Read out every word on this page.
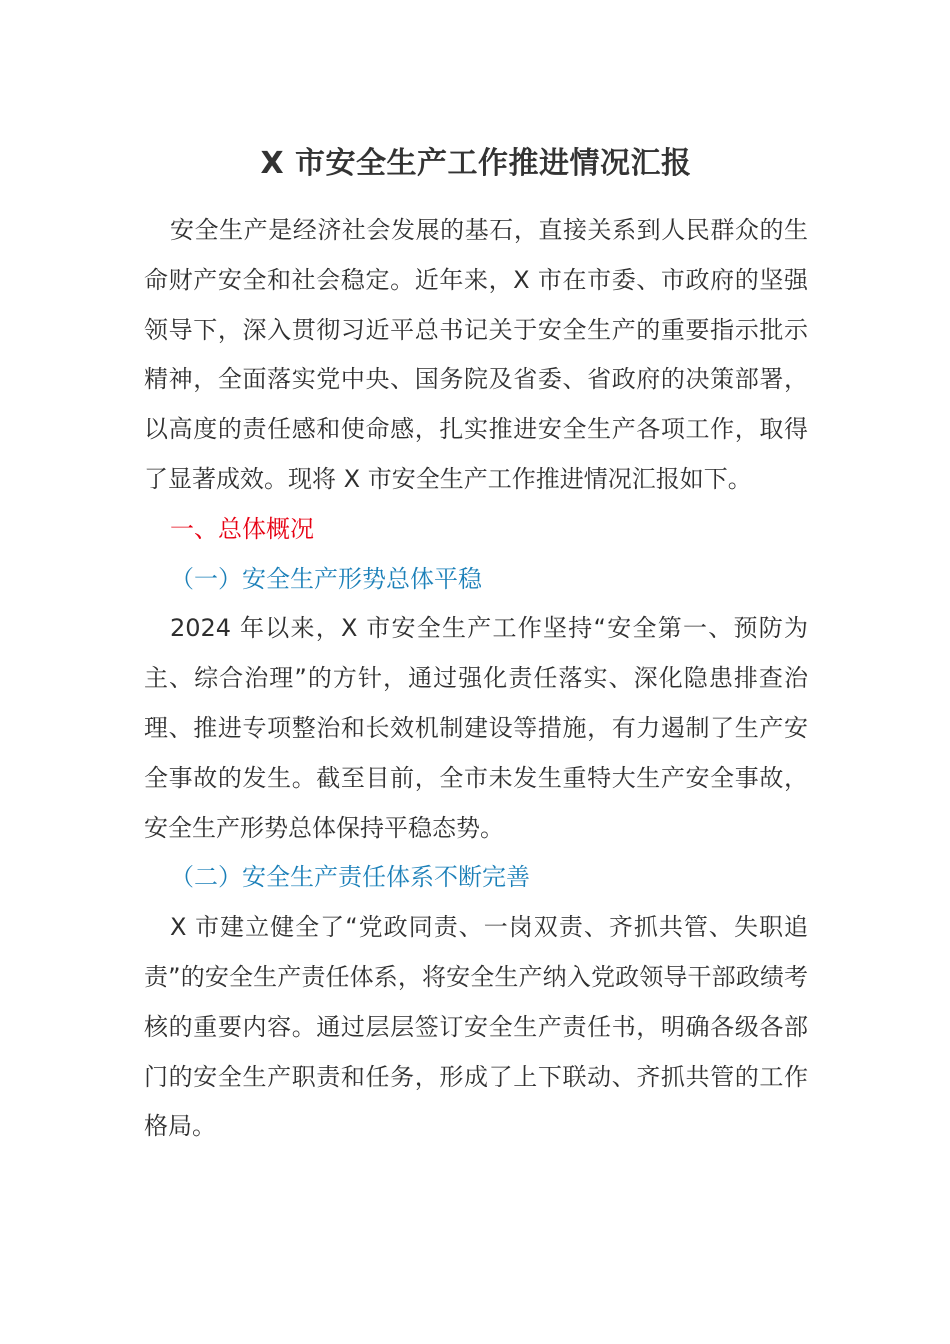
X 市安全生产工作推进情况汇报

安全生产是经济社会发展的基石，直接关系到人民群众的生命财产安全和社会稳定。近年来，X 市在市委、市政府的坚强领导下，深入贯彻习近平总书记关于安全生产的重要指示批示精神，全面落实党中央、国务院及省委、省政府的决策部署，以高度的责任感和使命感，扎实推进安全生产各项工作，取得了显著成效。现将 X 市安全生产工作推进情况汇报如下。

一、总体概况

（一）安全生产形势总体平稳

2024 年以来，X 市安全生产工作坚持“安全第一、预防为主、综合治理”的方针，通过强化责任落实、深化隐患排查治理、推进专项整治和长效机制建设等措施，有力遏制了生产安全事故的发生。截至目前，全市未发生重特大生产安全事故，安全生产形势总体保持平稳态势。

（二）安全生产责任体系不断完善

X 市建立健全了“党政同责、一岗双责、齐抓共管、失职追责”的安全生产责任体系，将安全生产纳入党政领导干部政绩考核的重要内容。通过层层签订安全生产责任书，明确各级各部门的安全生产职责和任务，形成了上下联动、齐抓共管的工作格局。
